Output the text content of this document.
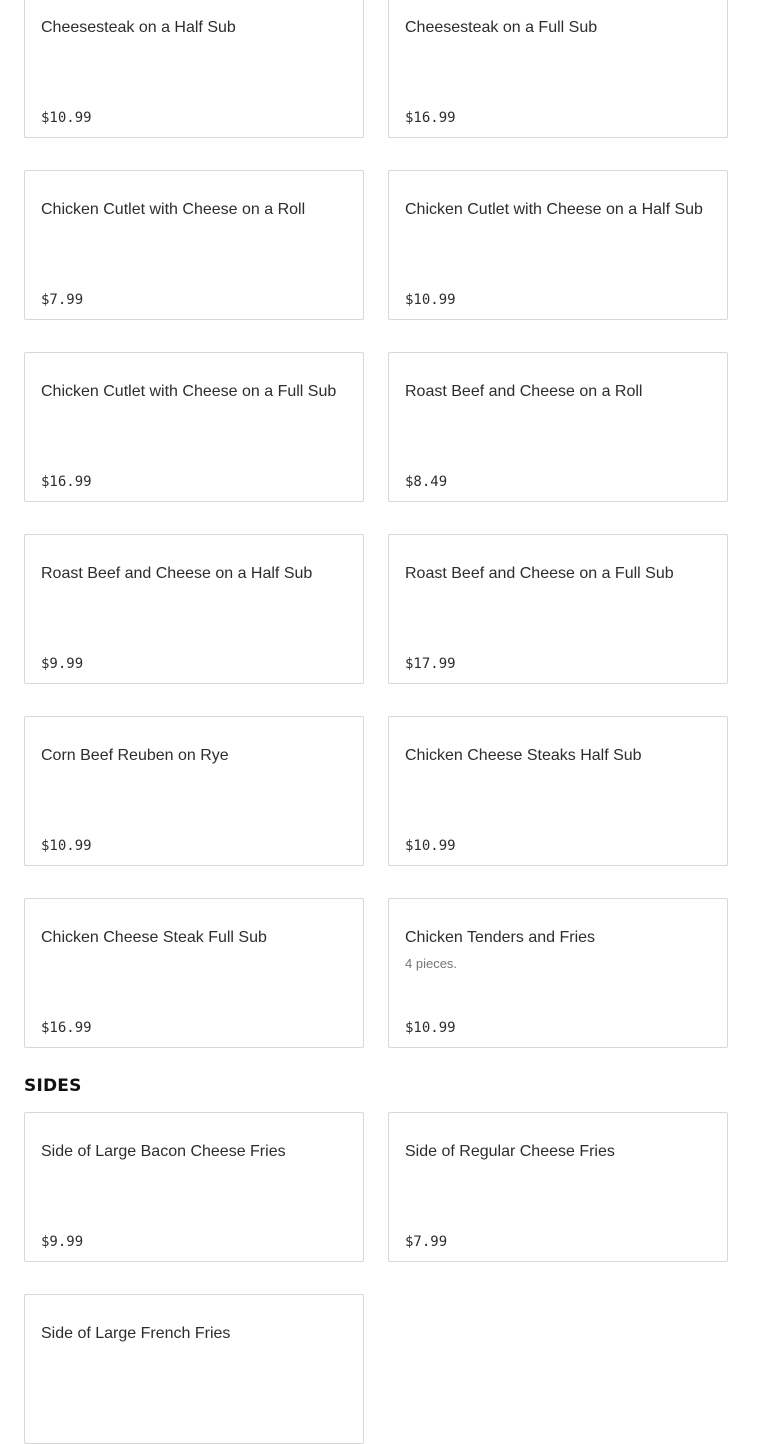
Cheesesteak on a Half Sub
$10.99
Cheesesteak on a Full Sub
$16.99
Chicken Cutlet with Cheese on a Roll
$7.99
Chicken Cutlet with Cheese on a Half Sub
$10.99
Chicken Cutlet with Cheese on a Full Sub
$16.99
Roast Beef and Cheese on a Roll
$8.49
Roast Beef and Cheese on a Half Sub
$9.99
Roast Beef and Cheese on a Full Sub
$17.99
Corn Beef Reuben on Rye
$10.99
Chicken Cheese Steaks Half Sub
$10.99
Chicken Cheese Steak Full Sub
$16.99
Chicken Tenders and Fries
4 pieces.
$10.99
SIDES
Side of Large Bacon Cheese Fries
$9.99
Side of Regular Cheese Fries
$7.99
Side of Large French Fries
